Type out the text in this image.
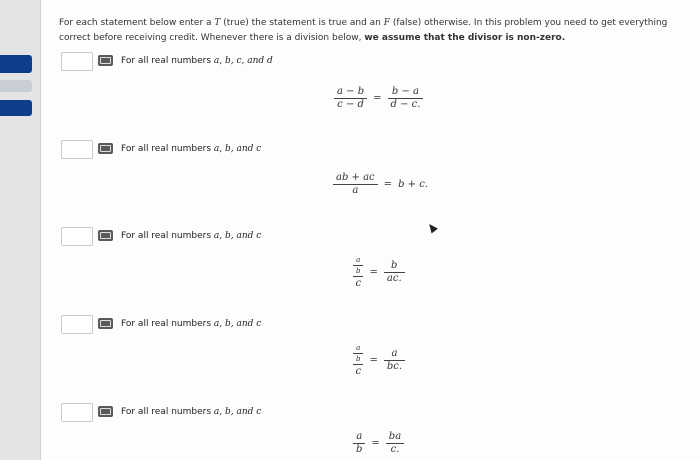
For each statement below enter a T (true) the statement is true and an F (false) otherwise. In this problem you need to get everything correct before receiving credit. Whenever there is a division below, we assume that the divisor is non-zero.
For all real numbers a, b, c, and d
$\frac{a - b}{c - d} = \frac{b - a}{d - c.}$
For all real numbers a, b, and c
$\frac{ab + ac}{a} = b + c$.
For all real numbers a, b, and c
$\frac{a}{b}$
c
= $\frac{b}{ac.}$
For all real numbers a, b, and c
$\frac{a}{b}$
c
= $\frac{a}{bc.}$
For all real numbers a, b, and c
$\frac{a}{b} = \frac{ba}{c.}$
